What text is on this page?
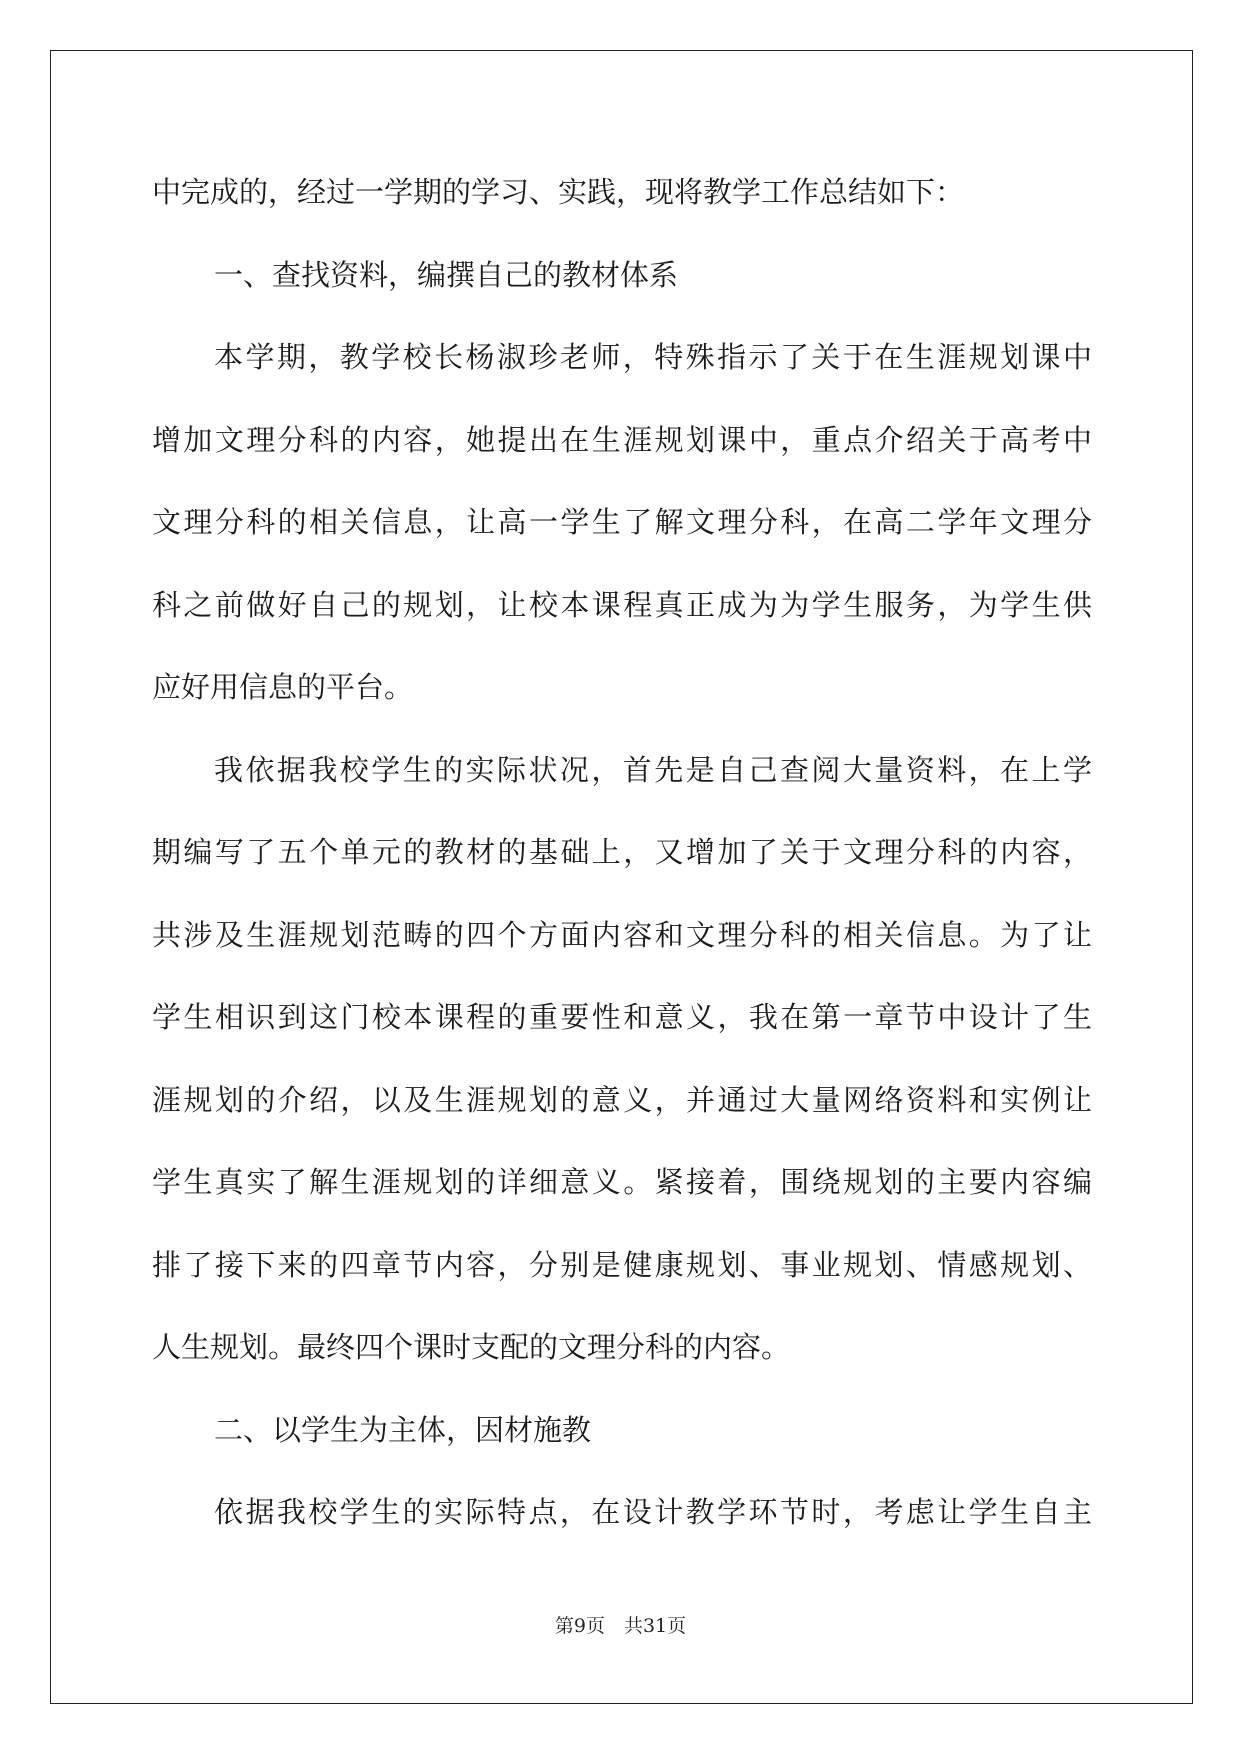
中完成的，经过一学期的学习、实践，现将教学工作总结如下：
一、查找资料，编撰自己的教材体系
本学期，教学校长杨淑珍老师，特殊指示了关于在生涯规划课中
增加文理分科的内容，她提出在生涯规划课中，重点介绍关于高考中
文理分科的相关信息，让高一学生了解文理分科，在高二学年文理分
科之前做好自己的规划，让校本课程真正成为为学生服务，为学生供
应好用信息的平台。
我依据我校学生的实际状况，首先是自己查阅大量资料，在上学
期编写了五个单元的教材的基础上，又增加了关于文理分科的内容，
共涉及生涯规划范畴的四个方面内容和文理分科的相关信息。为了让
学生相识到这门校本课程的重要性和意义，我在第一章节中设计了生
涯规划的介绍，以及生涯规划的意义，并通过大量网络资料和实例让
学生真实了解生涯规划的详细意义。紧接着，围绕规划的主要内容编
排了接下来的四章节内容，分别是健康规划、事业规划、情感规划、
人生规划。最终四个课时支配的文理分科的内容。
二、以学生为主体，因材施教
依据我校学生的实际特点，在设计教学环节时，考虑让学生自主
第9页　共31页
